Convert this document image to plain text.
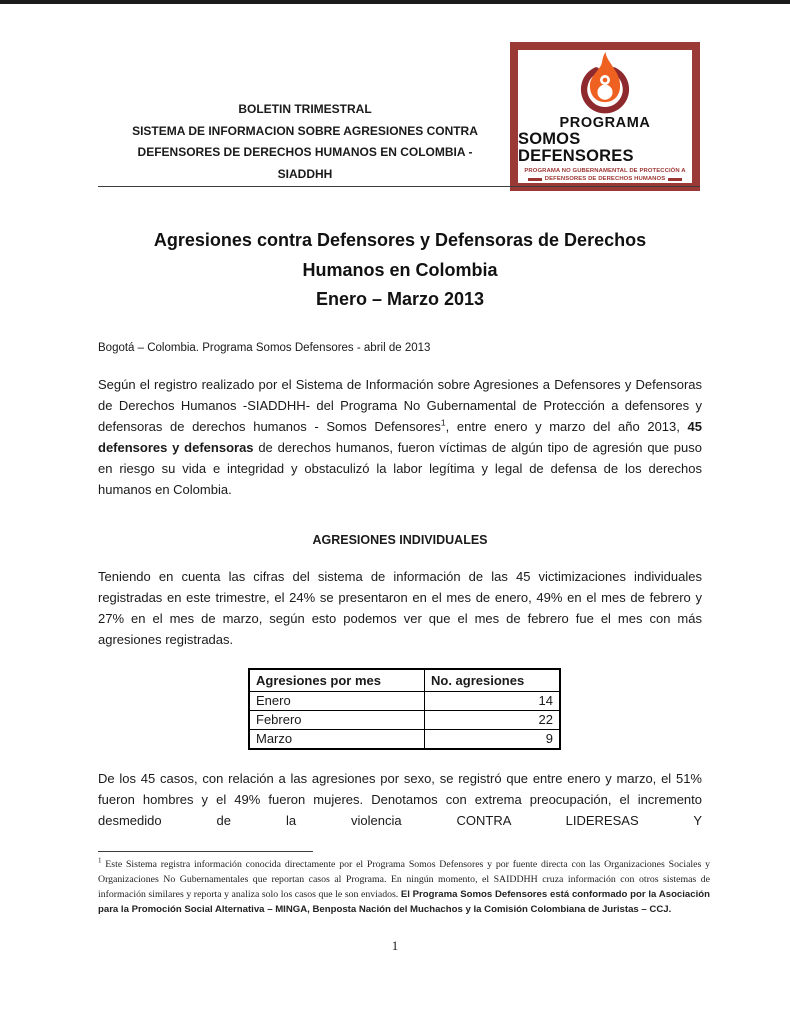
BOLETIN TRIMESTRAL
SISTEMA DE INFORMACION SOBRE AGRESIONES CONTRA
DEFENSORES DE DERECHOS HUMANOS EN COLOMBIA -
SIADDHH
PROGRAMA
SOMOS DEFENSORES
PROGRAMA NO GUBERNAMENTAL DE PROTECCIÓN A
DEFENSORES DE DERECHOS HUMANOS
Agresiones contra Defensores y Defensoras de Derechos
Humanos en Colombia
Enero – Marzo 2013
Bogotá – Colombia. Programa Somos Defensores - abril de 2013
Según el registro realizado por el Sistema de Información sobre Agresiones a Defensores y Defensoras de Derechos Humanos -SIADDHH- del Programa No Gubernamental de Protección a defensores y defensoras de derechos humanos - Somos Defensores$^1$, entre enero y marzo del año 2013, 45 defensores y defensoras de derechos humanos, fueron víctimas de algún tipo de agresión que puso en riesgo su vida e integridad y obstaculizó la labor legítima y legal de defensa de los derechos humanos en Colombia.
AGRESIONES INDIVIDUALES
Teniendo en cuenta las cifras del sistema de información de las 45 victimizaciones individuales registradas en este trimestre, el 24% se presentaron en el mes de enero, 49% en el mes de febrero y 27% en el mes de marzo, según esto podemos ver que el mes de febrero fue el mes con más agresiones registradas.
Agresiones por mes	No. agresiones
Enero	14
Febrero	22
Marzo	9
De los 45 casos, con relación a las agresiones por sexo, se registró que entre enero y marzo, el 51% fueron hombres y el 49% fueron mujeres. Denotamos con extrema preocupación, el incremento desmedido de la violencia CONTRA LIDERESAS Y
$^1$ Este Sistema registra información conocida directamente por el Programa Somos Defensores y por fuente directa con las Organizaciones Sociales y Organizaciones No Gubernamentales que reportan casos al Programa. En ningún momento, el SAIDDHH cruza información con otros sistemas de información similares y reporta y analiza solo los casos que le son enviados. El Programa Somos Defensores está conformado por la Asociación para la Promoción Social Alternativa – MINGA, Benposta Nación del Muchachos y la Comisión Colombiana de Juristas – CCJ.
1
